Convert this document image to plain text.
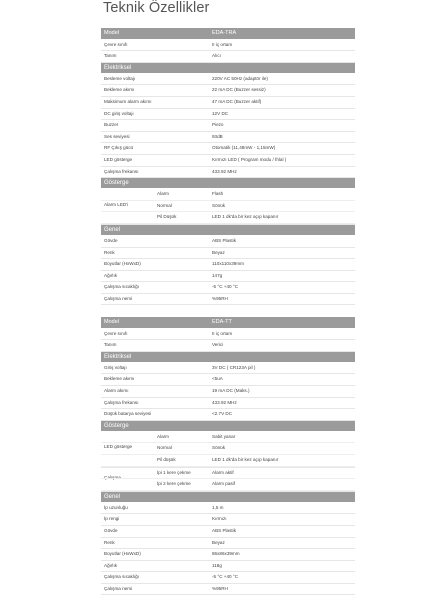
Teknik Özellikler
Model	EDA-TRA
Çevre sınıfı	II iç ortam
Tanım	Alıcı
Elektriksel
Besleme voltajı	220V AC 50Hz (adaptör ile)
Bekleme akımı	22 mA DC (Buzzer sessiz)
Maksimum alarm akımı	47 mA DC (Buzzer aktif)
DC giriş voltajı	12V DC
Buzzer	Piezo
Ses seviyesi	93dB
RF Çıkış gücü	Otomatik (11,48mW - 1,15mW)
LED gösterge	Kırmızı LED ( Program modu / İhlal )
Çalışma frekansı	433.92 MHz
Gösterge
Alarm LED'i
Alarm	Flash
Normal	Sönük
Pil Düşük	LED 1 dk'da bir kez açıp kapanır
Genel
Gövde	ABS Plastik
Renk	Beyaz
Boyutlar (HxWxD)	110x110x39mm
Ağırlık	147g
Çalışma sıcaklığı	-5 °C +40 °C
Çalışma nemi	%95RH
Model	EDA-TT
Çevre sınıfı	II iç ortam
Tanım	Verici
Elektriksel
Giriş voltajı	3V DC ( CR123A pil )
Bekleme akımı	<5uA
Alarm akımı	19 mA DC (Maks.)
Çalışma frekansı	433.92 MHz
Düşük batarya seviyesi	<2.7V DC
Gösterge
LED gösterge
Alarm	Sabit yanar
Normal	Sönük
Pil düşük	LED 1 dk'da bir kez açıp kapanır
Çalışma
İpi 1 kere çekme	Alarm aktif
İpi 2 kere çekme	Alarm pasif
Genel
İp uzunluğu	1,5 m
İp rengi	Kırmızı
Gövde	ABS Plastik
Renk	Beyaz
Boyutlar (HxWxD)	86x86x39mm
Ağırlık	118g
Çalışma sıcaklığı	-5 °C +40 °C
Çalışma nemi	%95RH
